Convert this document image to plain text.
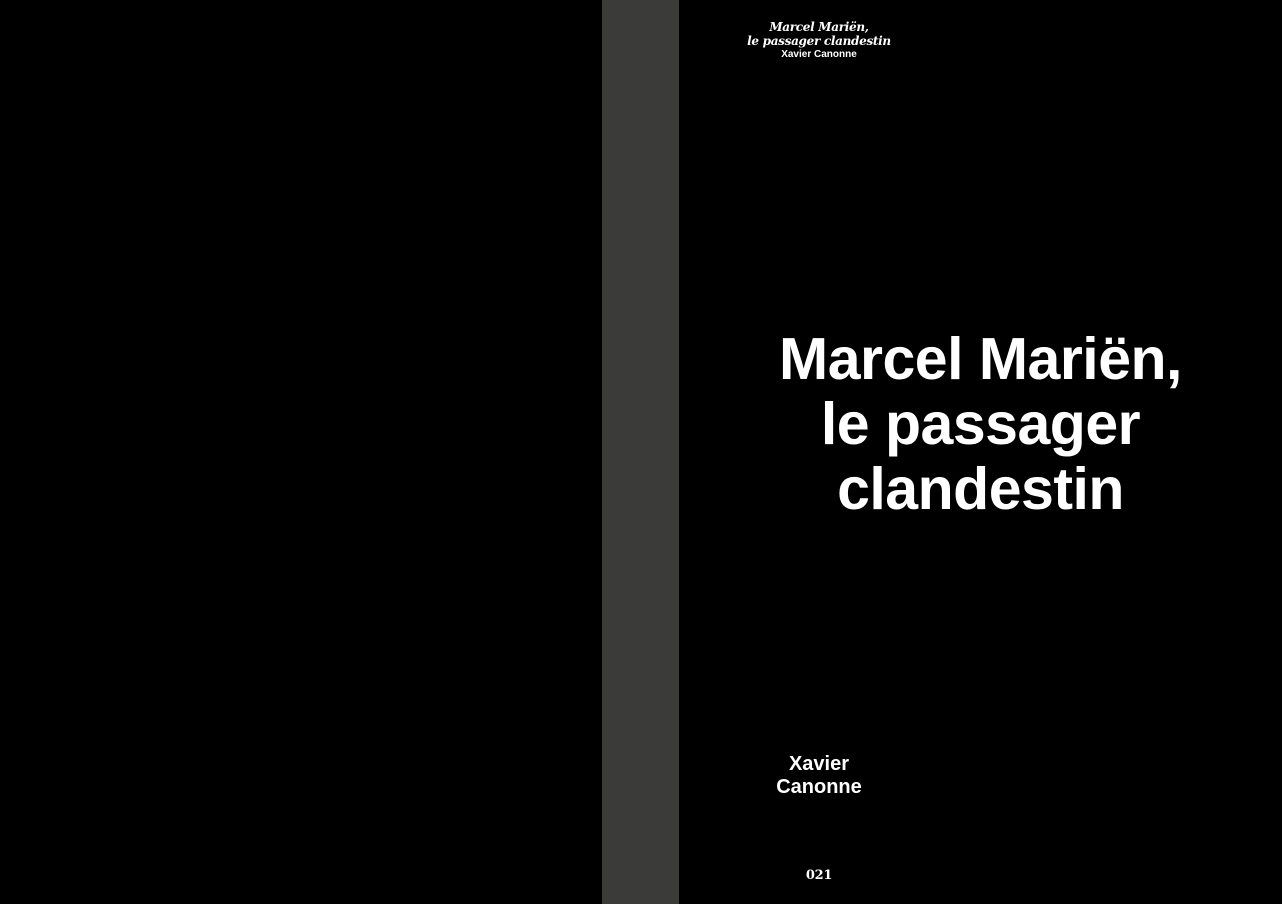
Marcel Mariën,
le passager clandestin
Xavier Canonne
Marcel Mariën,
le passager
clandestin
Xavier
Canonne
021
